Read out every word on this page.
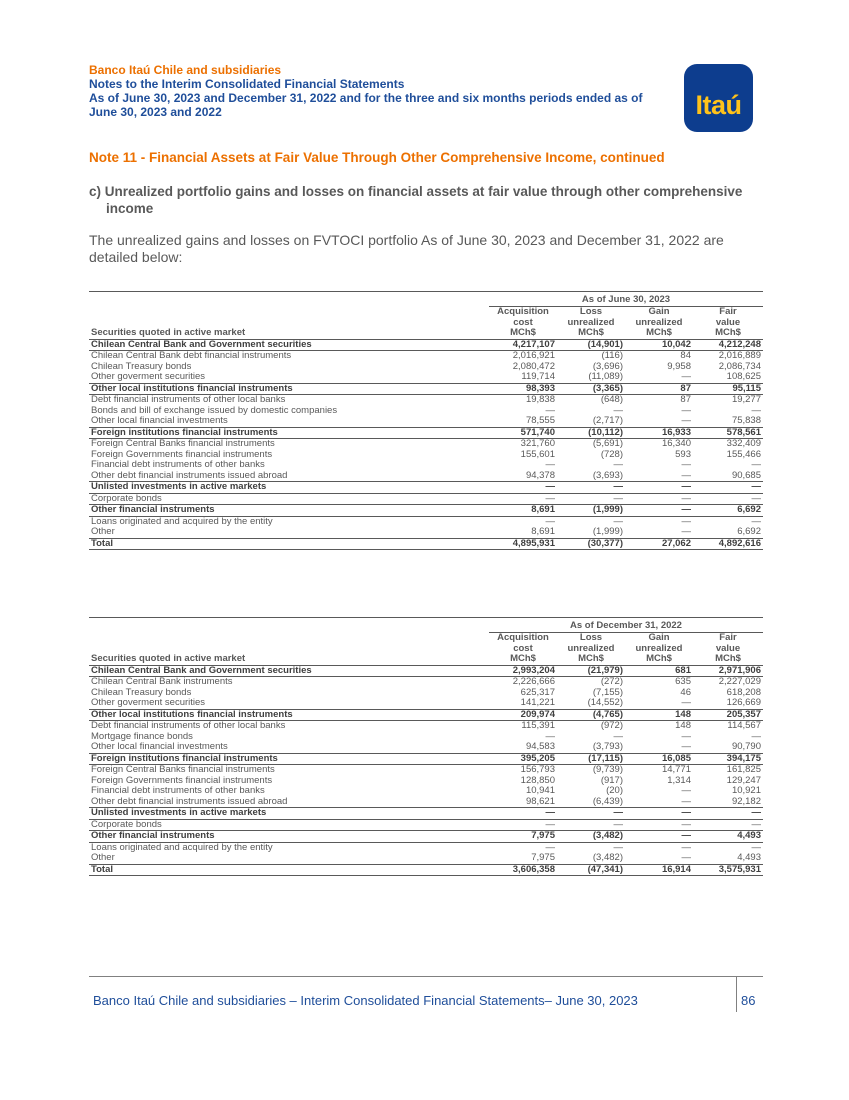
Banco Itaú Chile and subsidiaries
Notes to the Interim Consolidated Financial Statements
As of June 30, 2023 and December 31, 2022 and for the three and six months periods ended as of
June 30, 2023 and 2022	Itaú
Note 11 - Financial Assets at Fair Value Through Other Comprehensive Income, continued
c) Unrealized portfolio gains and losses on financial assets at fair value through other comprehensive
income
The unrealized gains and losses on FVTOCI portfolio As of June 30, 2023 and December 31, 2022 are detailed below:

	As of June 30, 2023			
	Acquisition	Loss	Gain	Fair
	cost	unrealized	unrealized	value
Securities quoted in active market	MCh$	MCh$	MCh$	MCh$
Chilean Central Bank and Government securities	4,217,107	(14,901)	10,042	4,212,248
Chilean Central Bank debt financial instruments	2,016,921	(116)	84	2,016,889
Chilean Treasury bonds	2,080,472	(3,696)	9,958	2,086,734
Other goverment securities	119,714	(11,089)	—	108,625
Other local institutions financial instruments	98,393	(3,365)	87	95,115
Debt financial instruments of other local banks	19,838	(648)	87	19,277
Bonds and bill of exchange issued by domestic companies	—	—	—	—
Other local financial investments	78,555	(2,717)	—	75,838
Foreign institutions financial instruments	571,740	(10,112)	16,933	578,561
Foreign Central Banks financial instruments	321,760	(5,691)	16,340	332,409
Foreign Governments financial instruments	155,601	(728)	593	155,466
Financial debt instruments of other banks	—	—	—	—
Other debt financial instruments issued abroad	94,378	(3,693)	—	90,685
Unlisted investments in active markets	—	—	—	—
Corporate bonds	—	—	—	—
Other financial instruments	8,691	(1,999)	—	6,692
Loans originated and acquired by the entity	—	—	—	—
Other	8,691	(1,999)	—	6,692
Total	4,895,931	(30,377)	27,062	4,892,616

	As of December 31, 2022			
	Acquisition	Loss	Gain	Fair
	cost	unrealized	unrealized	value
Securities quoted in active market	MCh$	MCh$	MCh$	MCh$
Chilean Central Bank and Government securities	2,993,204	(21,979)	681	2,971,906
Chilean Central Bank instruments	2,226,666	(272)	635	2,227,029
Chilean Treasury bonds	625,317	(7,155)	46	618,208
Other goverment securities	141,221	(14,552)	—	126,669
Other local institutions financial instruments	209,974	(4,765)	148	205,357
Debt financial instruments of other local banks	115,391	(972)	148	114,567
Mortgage finance bonds	—	—	—	—
Other local financial investments	94,583	(3,793)	—	90,790
Foreign institutions financial instruments	395,205	(17,115)	16,085	394,175
Foreign Central Banks financial instruments	156,793	(9,739)	14,771	161,825
Foreign Governments financial instruments	128,850	(917)	1,314	129,247
Financial debt instruments of other banks	10,941	(20)	—	10,921
Other debt financial instruments issued abroad	98,621	(6,439)	—	92,182
Unlisted investments in active markets	—	—	—	—
Corporate bonds	—	—	—	—
Other financial instruments	7,975	(3,482)	—	4,493
Loans originated and acquired by the entity	—	—	—	—
Other	7,975	(3,482)	—	4,493
Total	3,606,358	(47,341)	16,914	3,575,931
Banco Itaú Chile and subsidiaries – Interim Consolidated Financial Statements– June 30, 2023	86
